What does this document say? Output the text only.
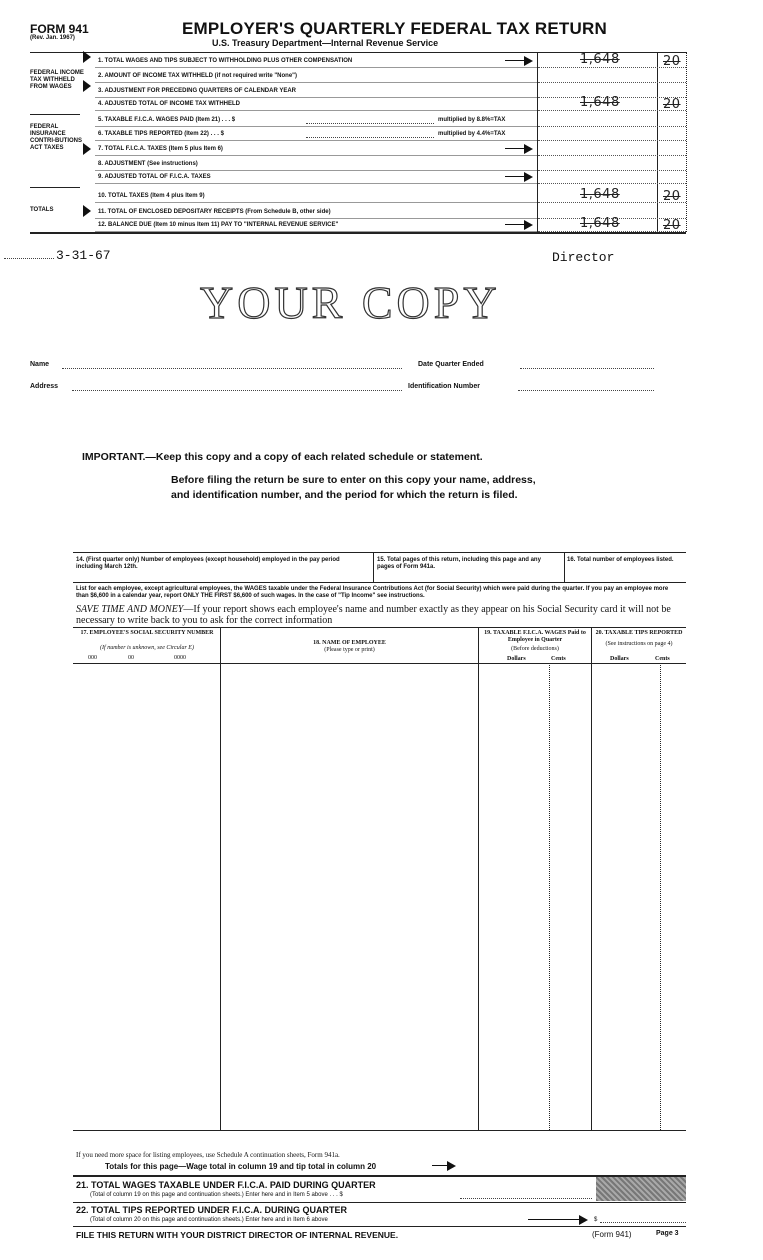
FORM 941
(Rev. Jan. 1967)	EMPLOYER'S QUARTERLY FEDERAL TAX RETURN
U.S. Treasury Department—Internal Revenue Service
FEDERAL INCOME TAX WITHHELD FROM WAGES
FEDERAL INSURANCE CONTRI-BUTIONS ACT TAXES
TOTALS
1. TOTAL WAGES AND TIPS SUBJECT TO WITHHOLDING PLUS OTHER COMPENSATION	1,648	20
2. AMOUNT OF INCOME TAX WITHHELD (if not required write "None")
3. ADJUSTMENT FOR PRECEDING QUARTERS OF CALENDAR YEAR
4. ADJUSTED TOTAL OF INCOME TAX WITHHELD	1,648	20
5. TAXABLE F.I.C.A. WAGES PAID (Item 21) . . . $	multiplied by 8.8%=TAX
6. TAXABLE TIPS REPORTED (Item 22) . . . $	multiplied by 4.4%=TAX
7. TOTAL F.I.C.A. TAXES (Item 5 plus Item 6)
8. ADJUSTMENT (See instructions)
9. ADJUSTED TOTAL OF F.I.C.A. TAXES
10. TOTAL TAXES (Item 4 plus Item 9)	1,648	20
11. TOTAL OF ENCLOSED DEPOSITARY RECEIPTS (From Schedule B, other side)
12. BALANCE DUE (Item 10 minus Item 11) PAY TO "INTERNAL REVENUE SERVICE"	1,648	20
3-31-67	Director
YOUR COPY
Name	Date Quarter Ended
Address	Identification Number
IMPORTANT.—Keep this copy and a copy of each related schedule or statement.
Before filing the return be sure to enter on this copy your name, address,
and identification number, and the period for which the return is filed.
14. (First quarter only) Number of employees (except household) employed in the pay period including March 12th.
15. Total pages of this return, including this page and any pages of Form 941a.
16. Total number of employees listed.
List for each employee, except agricultural employees, the WAGES taxable under the Federal Insurance Contributions Act (for Social Security) which were paid during the quarter. If you pay an employee more than $6,600 in a calendar year, report ONLY THE FIRST $6,600 of such wages. In the case of "Tip Income" see instructions.
SAVE TIME AND MONEY—If your report shows each employee's name and number exactly as they appear on his Social Security card it will not be necessary to write back to you to ask for the correct information
17. EMPLOYEE'S SOCIAL SECURITY NUMBER
(If number is unknown, see Circular E)
000	00	0000
18. NAME OF EMPLOYEE
(Please type or print)
19. TAXABLE F.I.C.A. WAGES Paid to Employee in Quarter
(Before deductions)
Dollars	Cents
20. TAXABLE TIPS REPORTED
(See instructions on page 4)
Dollars	Cents
If you need more space for listing employees, use Schedule A continuation sheets, Form 941a.
Totals for this page—Wage total in column 19 and tip total in column 20
21. TOTAL WAGES TAXABLE UNDER F.I.C.A. PAID DURING QUARTER
(Total of column 19 on this page and continuation sheets.) Enter here and in Item 5 above . . . $
22. TOTAL TIPS REPORTED UNDER F.I.C.A. DURING QUARTER
(Total of column 20 on this page and continuation sheets.) Enter here and in Item 6 above	$
FILE THIS RETURN WITH YOUR DISTRICT DIRECTOR OF INTERNAL REVENUE.	(Form 941)	Page 3
